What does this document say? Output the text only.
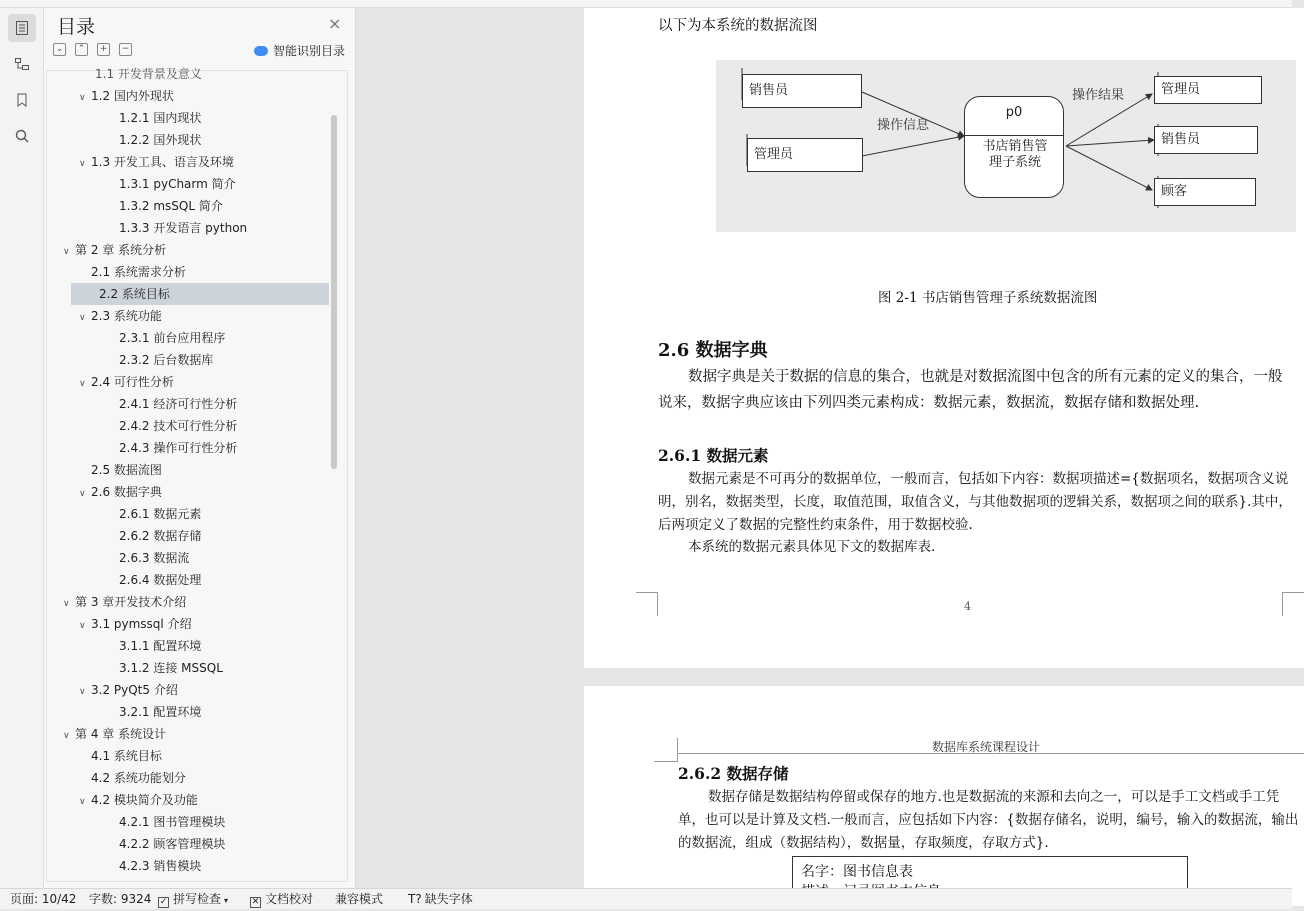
目录	×
⌄	⌃	+	−	智能识别目录
1.1 开发背景及意义
∨ 1.2 国内外现状
1.2.1 国内现状
1.2.2 国外现状
∨ 1.3 开发工具、语言及环境
1.3.1 pyCharm 简介
1.3.2 msSQL 简介
1.3.3 开发语言 python
∨ 第 2 章 系统分析
2.1 系统需求分析
2.2 系统目标
∨ 2.3 系统功能
2.3.1 前台应用程序
2.3.2 后台数据库
∨ 2.4 可行性分析
2.4.1 经济可行性分析
2.4.2 技术可行性分析
2.4.3 操作可行性分析
2.5 数据流图
∨ 2.6 数据字典
2.6.1 数据元素
2.6.2 数据存储
2.6.3 数据流
2.6.4 数据处理
∨ 第 3 章开发技术介绍
∨ 3.1 pymssql 介绍
3.1.1 配置环境
3.1.2 连接 MSSQL
∨ 3.2 PyQt5 介绍
3.2.1 配置环境
∨ 第 4 章 系统设计
4.1 系统目标
4.2 系统功能划分
∨ 4.2 模块简介及功能
4.2.1 图书管理模块
4.2.2 顾客管理模块
4.2.3 销售模块
以下为本系统的数据流图
销售员
管理员
p0
书店销售管理子系统
操作信息
操作结果	管理员
销售员
顾客
图 2-1 书店销售管理子系统数据流图
2.6 数据字典
数据字典是关于数据的信息的集合，也就是对数据流图中包含的所有元素的定义的集合，一般说来，数据字典应该由下列四类元素构成：数据元素，数据流，数据存储和数据处理.
2.6.1 数据元素
数据元素是不可再分的数据单位，一般而言，包括如下内容：数据项描述={数据项名，数据项含义说明，别名，数据类型，长度，取值范围，取值含义，与其他数据项的逻辑关系，数据项之间的联系}.其中，后两项定义了数据的完整性约束条件，用于数据校验.
本系统的数据元素具体见下文的数据库表.
4
数据库系统课程设计
2.6.2 数据存储
数据存储是数据结构停留或保存的地方.也是数据流的来源和去向之一，可以是手工文档或手工凭单，也可以是计算及文档.一般而言，应包括如下内容：{数据存储名，说明，编号，输入的数据流，输出的数据流，组成（数据结构），数据量，存取频度，存取方式}.
名字：图书信息表
页面: 10/42 字数: 9324 ✓ 拼写检查 ▾	✕ 文档校对 兼容模式 T? 缺失字体
